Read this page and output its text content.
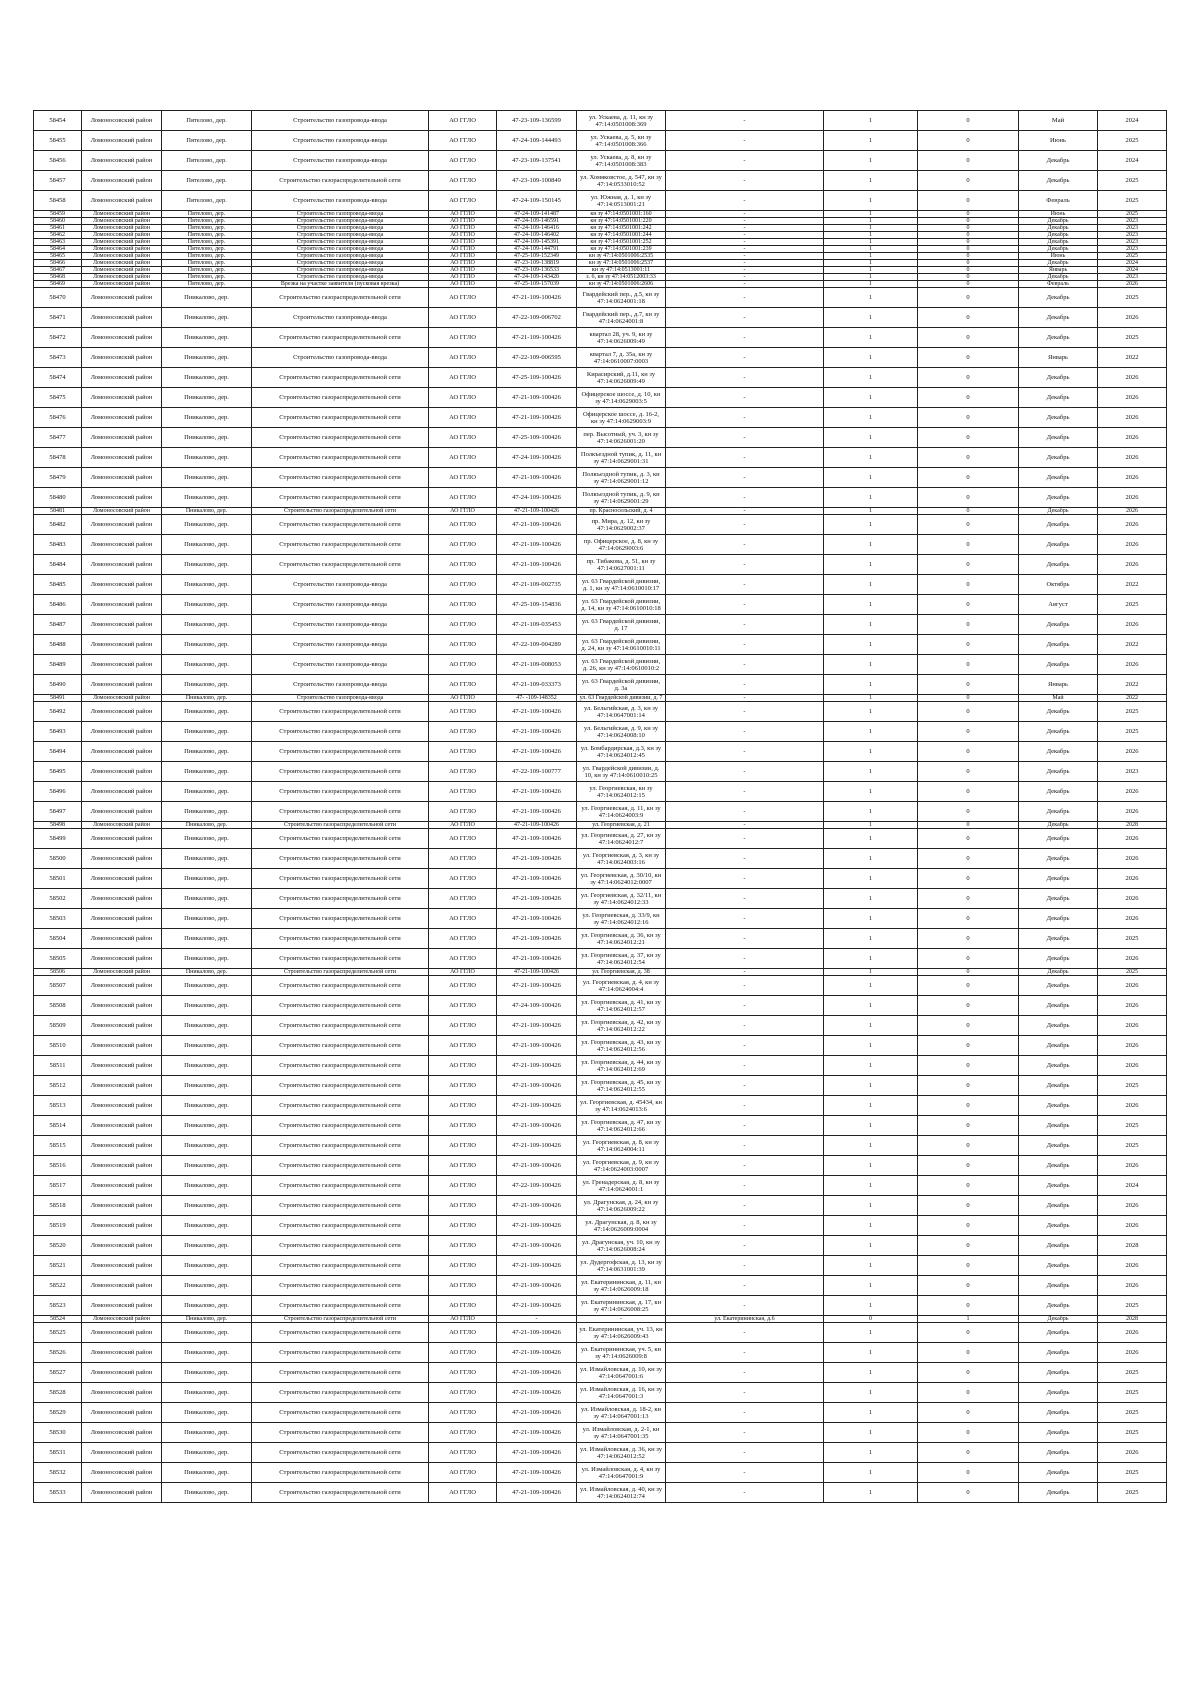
58454	Ломоносовский район	Пятелово, дер.	Строительство газопровода-ввода	АО ГГЛО	47-23-109-136599	ул. Ускаева, д. 11, кн зу 47:14:0501008:369	-	1	0	Май	2024
58455	Ломоносовский район	Пятелово, дер.	Строительство газопровода-ввода	АО ГГЛО	47-24-109-144493	ул. Ускаева, д. 5, кн зу 47:14:0501008:366	-	1	0	Июнь	2025
58456	Ломоносовский район	Пятелово, дер.	Строительство газопровода-ввода	АО ГГЛО	47-23-109-137541	ул. Ускаева, д. 8, кн зу 47:14:0501008:383	-	1	0	Декабрь	2024
58457	Ломоносовский район	Пятелово, дер.	Строительство газораспределительной сети	АО ГГЛО	47-23-109-100849	ул. Хомяковстое, д. 547, кн зу 47:14:0533010:52	-	1	0	Декабрь	2025
58458	Ломоносовский район	Пятелово, дер.	Строительство газопровода-ввода	АО ГГЛО	47-24-109-150145	ул. Южная, д. 1, кн зу 47:14:0513001:21	-	1	0	Февраль	2025
58459	Ломоносовский район	Пятелово, дер.	Строительство газопровода-ввода	АО ГГЛО	47-24-109-141487	кн зу 47:14:0501001:160	-	1	0	Июнь	2025
58460	Ломоносовский район	Пятелово, дер.	Строительство газопровода-ввода	АО ГГЛО	47-24-109-146591	кн зу 47:14:0501001:220	-	1	0	Декабрь	2023
58461	Ломоносовский район	Пятелово, дер.	Строительство газопровода-ввода	АО ГГЛО	47-24-109-146416	кн зу 47:14:0501001:242	-	1	0	Декабрь	2023
58462	Ломоносовский район	Пятелово, дер.	Строительство газопровода-ввода	АО ГГЛО	47-24-109-146402	кн зу 47:14:0501001:244	-	1	0	Декабрь	2023
58463	Ломоносовский район	Пятелово, дер.	Строительство газопровода-ввода	АО ГГЛО	47-24-109-145391	кн зу 47:14:0501001:252	-	1	0	Декабрь	2023
58464	Ломоносовский район	Пятелово, дер.	Строительство газопровода-ввода	АО ГГЛО	47-24-109-144791	кн зу 47:14:0501001:239	-	1	0	Декабрь	2023
58465	Ломоносовский район	Пятелово, дер.	Строительство газопровода-ввода	АО ГГЛО	47-25-109-152349	кн зу 47:14:0501006:2535	-	1	0	Июнь	2025
58466	Ломоносовский район	Пятелово, дер.	Строительство газопровода-ввода	АО ГГЛО	47-23-109-138819	кн зу 47:14:0501006:2537	-	1	0	Декабрь	2024
58467	Ломоносовский район	Пятелово, дер.	Строительство газопровода-ввода	АО ГГЛО	47-23-109-136533	кн зу 47:14:0513001:11	-	1	0	Январь	2024
58468	Ломоносовский район	Пятелово, дер.	Строительство газопровода-ввода	АО ГГЛО	47-24-109-143420	з. 6, кн зу 47:14:0512003:33	-	1	0	Декабрь	2023
58469	Ломоносовский район	Пятелово, дер.	Врезка на участке заявителя (пусковая врезка)	АО ГГЛО	47-25-109-157039	кн зу 47:14:0501006:2606	-	1	0	Февраль	2026
58470	Ломоносовский район	Пникалово, дер.	Строительство газораспределительной сети	АО ГГЛО	47-21-109-100426	Гвардейский пер., д.5, кн зу 47:14:0624001:18	-	1	0	Декабрь	2025
58471	Ломоносовский район	Пникалово, дер.	Строительство газопровода-ввода	АО ГГЛО	47-22-109-006702	Гвардейский пер., д.7, кн зу 47:14:0624001:8	-	1	0	Декабрь	2026
58472	Ломоносовский район	Пникалово, дер.	Строительство газораспределительной сети	АО ГГЛО	47-21-109-100426	квартал 28, уч. 9, кн зу 47:14:0626009:49	-	1	0	Декабрь	2025
58473	Ломоносовский район	Пникалово, дер.	Строительство газопровода-ввода	АО ГГЛО	47-22-109-006595	квартал 7, д. 35а, кн зу 47:14:0610007:0003	-	1	0	Январь	2022
58474	Ломоносовский район	Пникалово, дер.	Строительство газораспределительной сети	АО ГГЛО	47-25-109-100426	Кирасирский, д.11, кн зу 47:14:0626009:49	-	1	0	Декабрь	2026
58475	Ломоносовский район	Пникалово, дер.	Строительство газораспределительной сети	АО ГГЛО	47-21-109-100426	Офицерское шоссе, д. 10, кн зу 47:14:0629003:5	-	1	0	Декабрь	2026
58476	Ломоносовский район	Пникалово, дер.	Строительство газораспределительной сети	АО ГГЛО	47-21-109-100426	Офицерское шоссе, д. 16-2, кн зу 47:14:0629003:9	-	1	0	Декабрь	2026
58477	Ломоносовский район	Пникалово, дер.	Строительство газораспределительной сети	АО ГГЛО	47-25-109-100426	пер. Высотный, уч. 3, кн зу 47:14:0626001:20	-	1	0	Декабрь	2026
58478	Ломоносовский район	Пникалово, дер.	Строительство газораспределительной сети	АО ГГЛО	47-24-109-100426	Полкъездной тупик, д. 11, кн зу 47:14:0629001:31	-	1	0	Декабрь	2026
58479	Ломоносовский район	Пникалово, дер.	Строительство газораспределительной сети	АО ГГЛО	47-21-109-100426	Полкъездной тупик, д. 3, кн зу 47:14:0629001:12	-	1	0	Декабрь	2026
58480	Ломоносовский район	Пникалово, дер.	Строительство газораспределительной сети	АО ГГЛО	47-24-109-100426	Полкъездной тупик, д. 9, кн зу 47:14:0629001:29	-	1	0	Декабрь	2026
58481	Ломоносовский район	Пникалово, дер.	Строительство газораспределительной сети	АО ГГЛО	47-21-109-100426	пр. Красносельский, д. 4	-	1	0	Декабрь	2026
58482	Ломоносовский район	Пникалово, дер.	Строительство газораспределительной сети	АО ГГЛО	47-21-109-100426	пр. Мира, д. 12, кн зу 47:14:0629002:37	-	1	0	Декабрь	2026
58483	Ломоносовский район	Пникалово, дер.	Строительство газораспределительной сети	АО ГГЛО	47-21-109-100426	пр. Офицерское, д. 8, кн зу 47:14:0629003:6	-	1	0	Декабрь	2026
58484	Ломоносовский район	Пникалово, дер.	Строительство газораспределительной сети	АО ГГЛО	47-21-109-100426	пр. Тибакова, д. 51, кн зу 47:14:0627001:11	-	1	0	Декабрь	2026
58485	Ломоносовский район	Пникалово, дер.	Строительство газопровода-ввода	АО ГГЛО	47-21-109-002735	ул. 63 Гвардейской дивизии, д. 1, кн зу 47:14:0610010:17	-	1	0	Октябрь	2022
58486	Ломоносовский район	Пникалово, дер.	Строительство газопровода-ввода	АО ГГЛО	47-25-109-154836	ул. 63 Гвардейской дивизии, д. 14, кн зу 47:14:0610010:18	-	1	0	Август	2025
58487	Ломоносовский район	Пникалово, дер.	Строительство газопровода-ввода	АО ГГЛО	47-21-109-035453	ул. 63 Гвардейской дивизии, д. 17	-	1	0	Декабрь	2026
58488	Ломоносовский район	Пникалово, дер.	Строительство газопровода-ввода	АО ГГЛО	47-22-109-004289	ул. 63 Гвардейской дивизии, д. 24, кн зу 47:14:0610010:11	-	1	0	Декабрь	2022
58489	Ломоносовский район	Пникалово, дер.	Строительство газопровода-ввода	АО ГГЛО	47-21-109-008053	ул. 63 Гвардейской дивизии, д. 26, кн зу 47:14:0610010:2	-	1	0	Декабрь	2026
58490	Ломоносовский район	Пникалово, дер.	Строительство газопровода-ввода	АО ГГЛО	47-21-109-033373	ул. 63 Гвардейской дивизии, д. 3а	-	1	0	Январь	2022
58491	Ломоносовский район	Пникалово, дер.	Строительство газопровода-ввода	АО ГГЛО	47- -109-148352	ул. 63 Гвардейской дивизии, д. 7	-	1	0	Май	2022
58492	Ломоносовский район	Пникалово, дер.	Строительство газораспределительной сети	АО ГГЛО	47-21-109-100426	ул. Бельгийская, д. 3, кн зу 47:14:0647001:14	-	1	0	Декабрь	2025
58493	Ломоносовский район	Пникалово, дер.	Строительство газораспределительной сети	АО ГГЛО	47-21-109-100426	ул. Бельгийская, д. 9, кн зу 47:14:0624008:10	-	1	0	Декабрь	2025
58494	Ломоносовский район	Пникалово, дер.	Строительство газораспределительной сети	АО ГГЛО	47-21-109-100426	ул. Бомбардирская, д.3, кн зу 47:14:0624012:45	-	1	0	Декабрь	2026
58495	Ломоносовский район	Пникалово, дер.	Строительство газораспределительной сети	АО ГГЛО	47-22-109-100777	ул. Гвардейской дивизии, д. 10, кн зу 47:14:0610010:25	-	1	0	Декабрь	2023
58496	Ломоносовский район	Пникалово, дер.	Строительство газораспределительной сети	АО ГГЛО	47-21-109-100426	ул. Георгиевская, кн зу 47:14:0624012:15	-	1	0	Декабрь	2026
58497	Ломоносовский район	Пникалово, дер.	Строительство газораспределительной сети	АО ГГЛО	47-21-109-100426	ул. Георгиевская, д. 11, кн зу 47:14:0624003:9	-	1	0	Декабрь	2026
58498	Ломоносовский район	Пникалово, дер.	Строительство газораспределительной сети	АО ГГЛО	47-21-109-100426	ул. Георгиевская, д. 21	-	1	0	Декабрь	2028
58499	Ломоносовский район	Пникалово, дер.	Строительство газораспределительной сети	АО ГГЛО	47-21-109-100426	ул. Георгиевская, д. 27, кн зу 47:14:0624012:7	-	1	0	Декабрь	2026
58500	Ломоносовский район	Пникалово, дер.	Строительство газораспределительной сети	АО ГГЛО	47-21-109-100426	ул. Георгиевская, д. 3, кн зу 47:14:0624003:16	-	1	0	Декабрь	2026
58501	Ломоносовский район	Пникалово, дер.	Строительство газораспределительной сети	АО ГГЛО	47-21-109-100426	ул. Георгиевская, д. 30/10, кн зу 47:14:0624012:0007	-	1	0	Декабрь	2026
58502	Ломоносовский район	Пникалово, дер.	Строительство газораспределительной сети	АО ГГЛО	47-21-109-100426	ул. Георгиевская, д. 32/11, кн зу 47:14:0624012:33	-	1	0	Декабрь	2026
58503	Ломоносовский район	Пникалово, дер.	Строительство газораспределительной сети	АО ГГЛО	47-21-109-100426	ул. Георгиевская, д. 33/9, кн зу 47:14:0624012:16	-	1	0	Декабрь	2026
58504	Ломоносовский район	Пникалово, дер.	Строительство газораспределительной сети	АО ГГЛО	47-21-109-100426	ул. Георгиевская, д. 36, кн зу 47:14:0624012:21	-	1	0	Декабрь	2025
58505	Ломоносовский район	Пникалово, дер.	Строительство газораспределительной сети	АО ГГЛО	47-21-109-100426	ул. Георгиевская, д. 37, кн зу 47:14:0624012:54	-	1	0	Декабрь	2026
58506	Ломоносовский район	Пникалово, дер.	Строительство газораспределительной сети	АО ГГЛО	47-21-109-100426	ул. Георгиевская, д. 38	-	1	0	Декабрь	2025
58507	Ломоносовский район	Пникалово, дер.	Строительство газораспределительной сети	АО ГГЛО	47-21-109-100426	ул. Георгиевская, д. 4, кн зу 47:14:0624004:4	-	1	0	Декабрь	2026
58508	Ломоносовский район	Пникалово, дер.	Строительство газораспределительной сети	АО ГГЛО	47-24-109-100426	ул. Георгиевская, д. 41, кн зу 47:14:0624012:57	-	1	0	Декабрь	2026
58509	Ломоносовский район	Пникалово, дер.	Строительство газораспределительной сети	АО ГГЛО	47-21-109-100426	ул. Георгиевская, д. 42, кн зу 47:14:0624012:22	-	1	0	Декабрь	2026
58510	Ломоносовский район	Пникалово, дер.	Строительство газораспределительной сети	АО ГГЛО	47-21-109-100426	ул. Георгиевская, д. 43, кн зу 47:14:0624012:56	-	1	0	Декабрь	2026
58511	Ломоносовский район	Пникалово, дер.	Строительство газораспределительной сети	АО ГГЛО	47-21-109-100426	ул. Георгиевская, д. 44, кн зу 47:14:0624012:69	-	1	0	Декабрь	2026
58512	Ломоносовский район	Пникалово, дер.	Строительство газораспределительной сети	АО ГГЛО	47-21-109-100426	ул. Георгиевская, д. 45, кн зу 47:14:0624012:55	-	1	0	Декабрь	2025
58513	Ломоносовский район	Пникалово, дер.	Строительство газораспределительной сети	АО ГГЛО	47-21-109-100426	ул. Георгиевская, д. 45434, кн зу 47:14:0624013:6	-	1	0	Декабрь	2026
58514	Ломоносовский район	Пникалово, дер.	Строительство газораспределительной сети	АО ГГЛО	47-21-109-100426	ул. Георгиевская, д. 47, кн зу 47:14:0624012:66	-	1	0	Декабрь	2025
58515	Ломоносовский район	Пникалово, дер.	Строительство газораспределительной сети	АО ГГЛО	47-21-109-100426	ул. Георгиевская, д. 8, кн зу 47:14:0624004:11	-	1	0	Декабрь	2025
58516	Ломоносовский район	Пникалово, дер.	Строительство газораспределительной сети	АО ГГЛО	47-21-109-100426	ул. Георгиевская, д. 9, кн зу 47:14:0624003:0007	-	1	0	Декабрь	2026
58517	Ломоносовский район	Пникалово, дер.	Строительство газораспределительной сети	АО ГГЛО	47-22-109-100426	ул. Гренадерская, д. 8, кн зу 47:14:0624001:1	-	1	0	Декабрь	2024
58518	Ломоносовский район	Пникалово, дер.	Строительство газораспределительной сети	АО ГГЛО	47-21-109-100426	ул. Драгунская, д. 24, кн зу 47:14:0626009:22	-	1	0	Декабрь	2026
58519	Ломоносовский район	Пникалово, дер.	Строительство газораспределительной сети	АО ГГЛО	47-21-109-100426	ул. Драгунская, д. 8, кн зу 47:14:0626009:0004	-	1	0	Декабрь	2026
58520	Ломоносовский район	Пникалово, дер.	Строительство газораспределительной сети	АО ГГЛО	47-21-109-100426	ул. Драгунская, уч. 10, кн зу 47:14:0626008:24	-	1	0	Декабрь	2028
58521	Ломоносовский район	Пникалово, дер.	Строительство газораспределительной сети	АО ГГЛО	47-21-109-100426	ул. Дудергофская, д. 13, кн зу 47:14:0631001:39	-	1	0	Декабрь	2026
58522	Ломоносовский район	Пникалово, дер.	Строительство газораспределительной сети	АО ГГЛО	47-21-109-100426	ул. Екатерининская, д. 11, кн зу 47:14:0626009:18	-	1	0	Декабрь	2026
58523	Ломоносовский район	Пникалово, дер.	Строительство газораспределительной сети	АО ГГЛО	47-21-109-100426	ул. Екатерининская, д. 17, кн зу 47:14:0626008:25	-	1	0	Декабрь	2025
58524	Ломоносовский район	Пникалово, дер.	Строительство газораспределительной сети	АО ГГЛО	-	-	ул. Екатерининская, д.6	0	1	Декабрь	2028
58525	Ломоносовский район	Пникалово, дер.	Строительство газораспределительной сети	АО ГГЛО	47-21-109-100426	ул. Екатерининская, уч. 13, кн зу 47:14:0626009:43	-	1	0	Декабрь	2026
58526	Ломоносовский район	Пникалово, дер.	Строительство газораспределительной сети	АО ГГЛО	47-21-109-100426	ул. Екатерининская, уч. 5, кн зу 47:14:0626009:8	-	1	0	Декабрь	2026
58527	Ломоносовский район	Пникалово, дер.	Строительство газораспределительной сети	АО ГГЛО	47-21-109-100426	ул. Измайловская, д. 10, кн зу 47:14:0647001:6	-	1	0	Декабрь	2025
58528	Ломоносовский район	Пникалово, дер.	Строительство газораспределительной сети	АО ГГЛО	47-21-109-100426	ул. Измайловская, д. 16, кн зу 47:14:0647001:3	-	1	0	Декабрь	2025
58529	Ломоносовский район	Пникалово, дер.	Строительство газораспределительной сети	АО ГГЛО	47-21-109-100426	ул. Измайловская, д. 18-2, кн зу 47:14:0647001:13	-	1	0	Декабрь	2025
58530	Ломоносовский район	Пникалово, дер.	Строительство газораспределительной сети	АО ГГЛО	47-21-109-100426	ул. Измайловская, д. 2-1, кн зу 47:14:0647001:35	-	1	0	Декабрь	2025
58531	Ломоносовский район	Пникалово, дер.	Строительство газораспределительной сети	АО ГГЛО	47-21-109-100426	ул. Измайловская, д. 36, кн зу 47:14:0624012:52	-	1	0	Декабрь	2026
58532	Ломоносовский район	Пникалово, дер.	Строительство газораспределительной сети	АО ГГЛО	47-21-109-100426	ул. Измайловская, д. 4, кн зу 47:14:0647001:9	-	1	0	Декабрь	2025
58533	Ломоносовский район	Пникалово, дер.	Строительство газораспределительной сети	АО ГГЛО	47-21-109-100426	ул. Измайловская, д. 40, кн зу 47:14:0624012:74	-	1	0	Декабрь	2025
